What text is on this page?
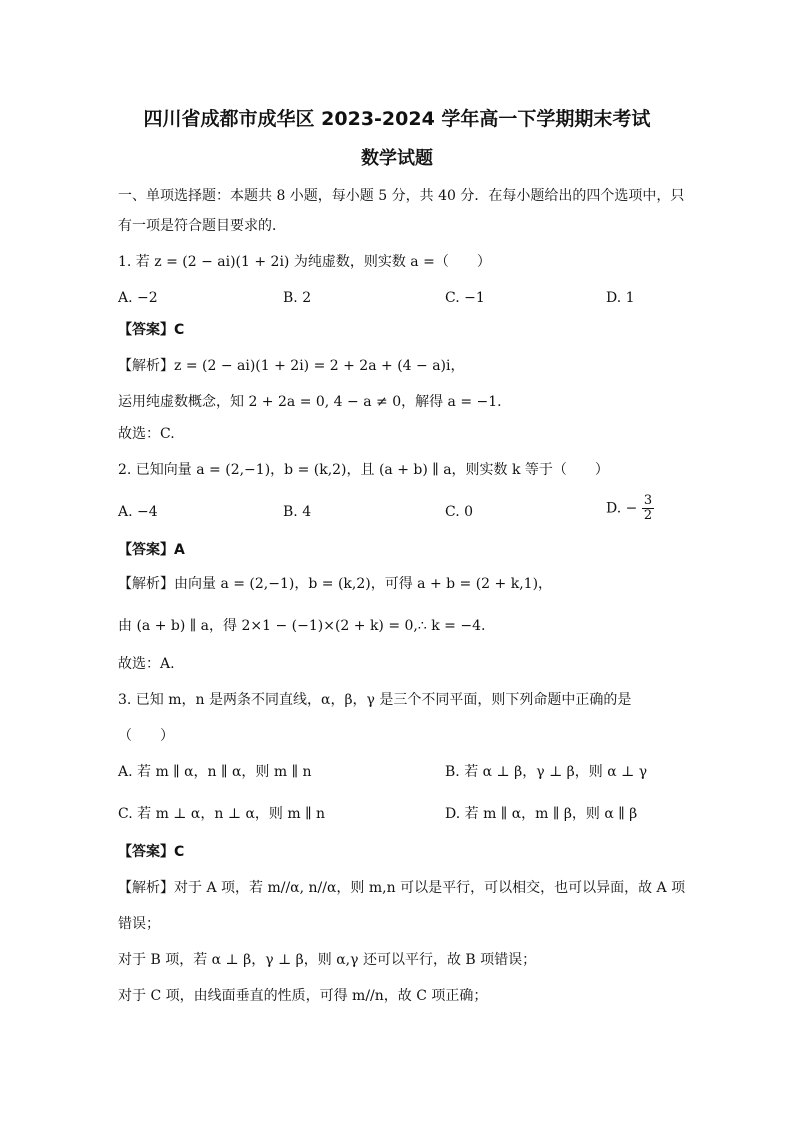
四川省成都市成华区 2023-2024 学年高一下学期期末考试
数学试题
一、单项选择题：本题共 8 小题，每小题 5 分，共 40 分．在每小题给出的四个选项中，只
有一项是符合题目要求的．
1. 若 z = (2 − ai)(1 + 2i) 为纯虚数，则实数 a =（　　）
A. −2	B. 2	C. −1	D. 1
【答案】C
【解析】z = (2 − ai)(1 + 2i) = 2 + 2a + (4 − a)i，
运用纯虚数概念，知 2 + 2a = 0, 4 − a ≠ 0，解得 a = −1.
故选：C.
2. 已知向量 a = (2,−1)，b = (k,2)，且 (a + b) ∥ a，则实数 k 等于（　　）
A. −4	B. 4	C. 0	D. − $\frac{3}{2}$
【答案】A
【解析】由向量 a = (2,−1)，b = (k,2)，可得 a + b = (2 + k,1)，
由 (a + b) ∥ a，得 2×1 − (−1)×(2 + k) = 0,∴ k = −4.
故选：A.
3. 已知 m，n 是两条不同直线，α，β，γ 是三个不同平面，则下列命题中正确的是
（　　）
A. 若 m ∥ α，n ∥ α，则 m ∥ n	B. 若 α ⊥ β，γ ⊥ β，则 α ⊥ γ
C. 若 m ⊥ α，n ⊥ α，则 m ∥ n	D. 若 m ∥ α，m ∥ β，则 α ∥ β
【答案】C
【解析】对于 A 项，若 m//α, n//α，则 m,n 可以是平行，可以相交，也可以异面，故 A 项
错误；
对于 B 项，若 α ⊥ β，γ ⊥ β，则 α,γ 还可以平行，故 B 项错误；
对于 C 项，由线面垂直的性质，可得 m//n，故 C 项正确；
